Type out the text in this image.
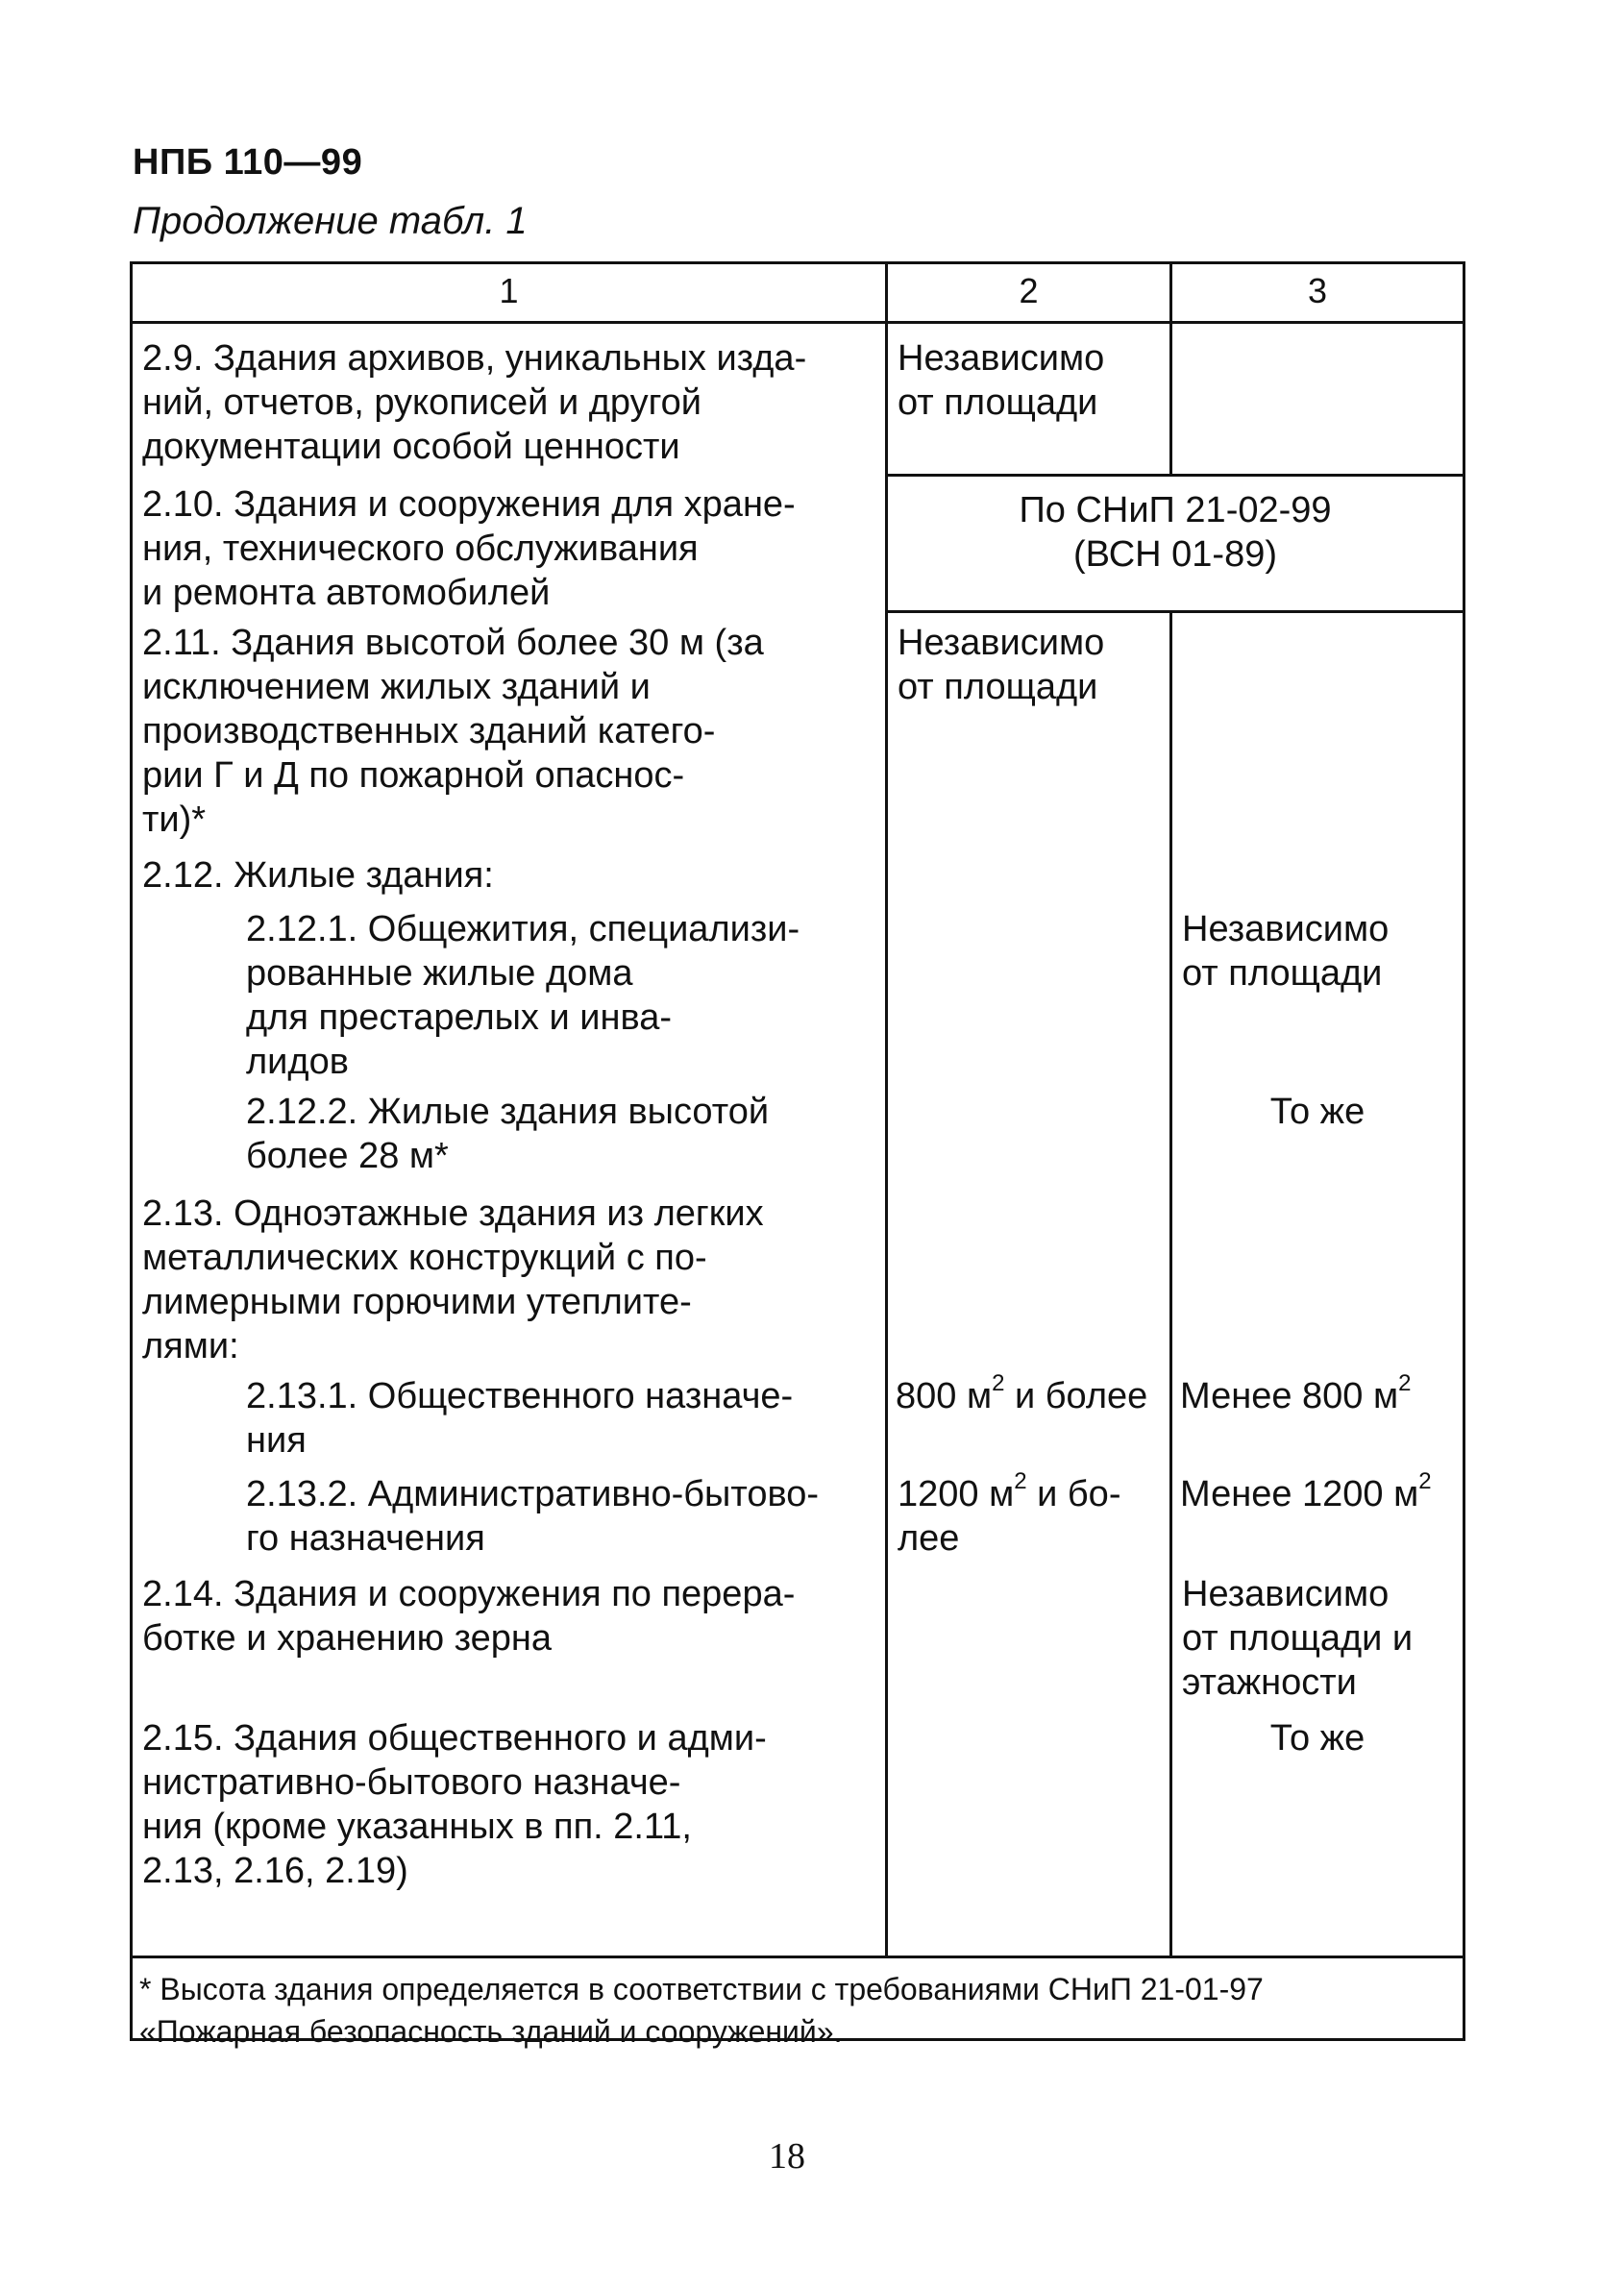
НПБ 110—99
Продолжение табл. 1
1	2	3
2.9. Здания архивов, уникальных изда-
ний, отчетов, рукописей и другой
документации особой ценности
Независимо
от площади
2.10. Здания и сооружения для хране-
ния, технического обслуживания
и ремонта автомобилей
По СНиП 21-02-99
(ВСН 01-89)
2.11. Здания высотой более 30 м (за
исключением жилых зданий и
производственных зданий катего-
рии Г и Д по пожарной опаснос-
ти)*
Независимо
от площади
2.12. Жилые здания:
2.12.1. Общежития, специализи-
рованные жилые дома
для престарелых и инва-
лидов
Независимо
от площади
2.12.2. Жилые здания высотой
более 28 м*
То же
2.13. Одноэтажные здания из легких
металлических конструкций с по-
лимерными горючими утеплите-
лями:
2.13.1. Общественного назначе-
ния
800 $м^2$ и более Менее 800 $м^2$
2.13.2. Административно-бытово-
го назначения
1200 $м^2$ и бо-
лее
Менее 1200 $м^2$
2.14. Здания и сооружения по перера-
ботке и хранению зерна
Независимо
от площади и
этажности
2.15. Здания общественного и адми-
нистративно-бытового назначе-
ния (кроме указанных в пп. 2.11,
2.13, 2.16, 2.19)
То же
* Высота здания определяется в соответствии с требованиями СНиП 21-01-97
«Пожарная безопасность зданий и сооружений».
18
